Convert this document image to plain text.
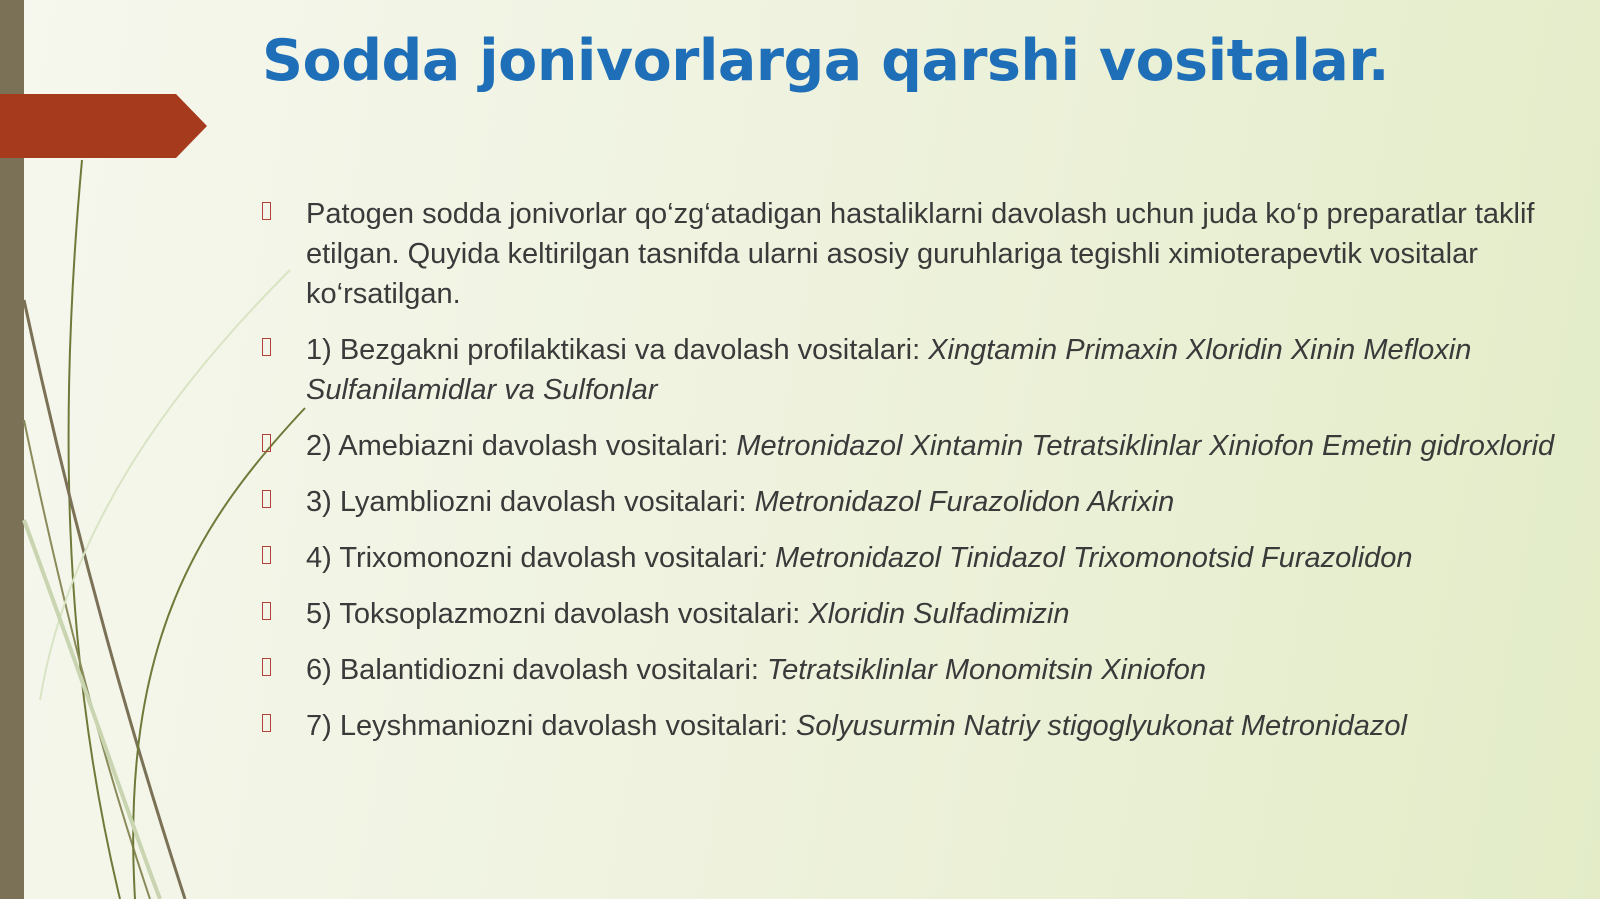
Sodda jonivorlarga qarshi vositalar.
Patogen sodda jonivorlar qo‘zg‘atadigan hastaliklarni davolash uchun juda ko‘p preparatlar taklif etilgan. Quyida keltirilgan tasnifda ularni asosiy guruhlariga tegishli ximioterapevtik vositalar ko‘rsatilgan.
1) Bezgakni profilaktikasi va davolash vositalari: Xingtamin Primaxin Xloridin Xinin Mefloxin Sulfanilamidlar va Sulfonlar
2) Amebiazni davolash vositalari: Metronidazol Xintamin Tetratsiklinlar Xiniofon Emetin gidroxlorid
3) Lyambliozni davolash vositalari: Metronidazol Furazolidon Akrixin
4) Trixomonozni davolash vositalari: Metronidazol Tinidazol Trixomonotsid Furazolidon
5) Toksoplazmozni davolash vositalari: Xloridin Sulfadimizin
6) Balantidiozni davolash vositalari: Tetratsiklinlar Monomitsin Xiniofon
7) Leyshmaniozni davolash vositalari: Solyusurmin Natriy stigoglyukonat Metronidazol
